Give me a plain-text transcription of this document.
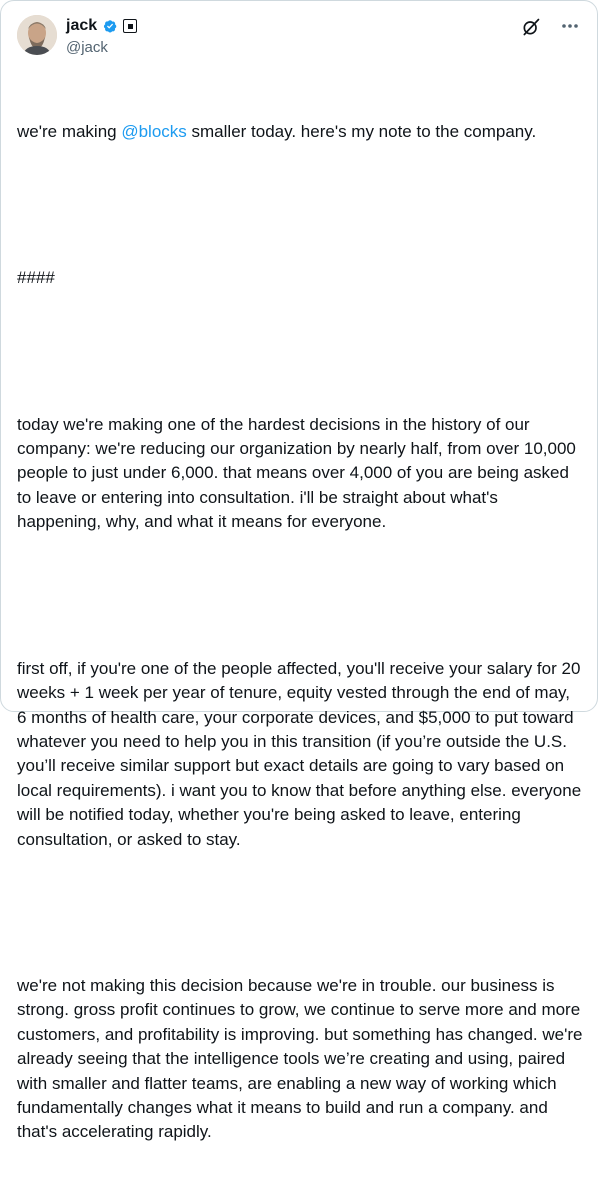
jack
@jack

we're making @blocks smaller today. here's my note to the company.

####

today we're making one of the hardest decisions in the history of our company: we're reducing our organization by nearly half, from over 10,000 people to just under 6,000. that means over 4,000 of you are being asked to leave or entering into consultation. i'll be straight about what's happening, why, and what it means for everyone.

first off, if you're one of the people affected, you'll receive your salary for 20 weeks + 1 week per year of tenure, equity vested through the end of may, 6 months of health care, your corporate devices, and $5,000 to put toward whatever you need to help you in this transition (if you’re outside the U.S. you’ll receive similar support but exact details are going to vary based on local requirements). i want you to know that before anything else. everyone will be notified today, whether you're being asked to leave, entering consultation, or asked to stay.

we're not making this decision because we're in trouble. our business is strong. gross profit continues to grow, we continue to serve more and more customers, and profitability is improving. but something has changed. we're already seeing that the intelligence tools we’re creating and using, paired with smaller and flatter teams, are enabling a new way of working which fundamentally changes what it means to build and run a company. and that's accelerating rapidly.
